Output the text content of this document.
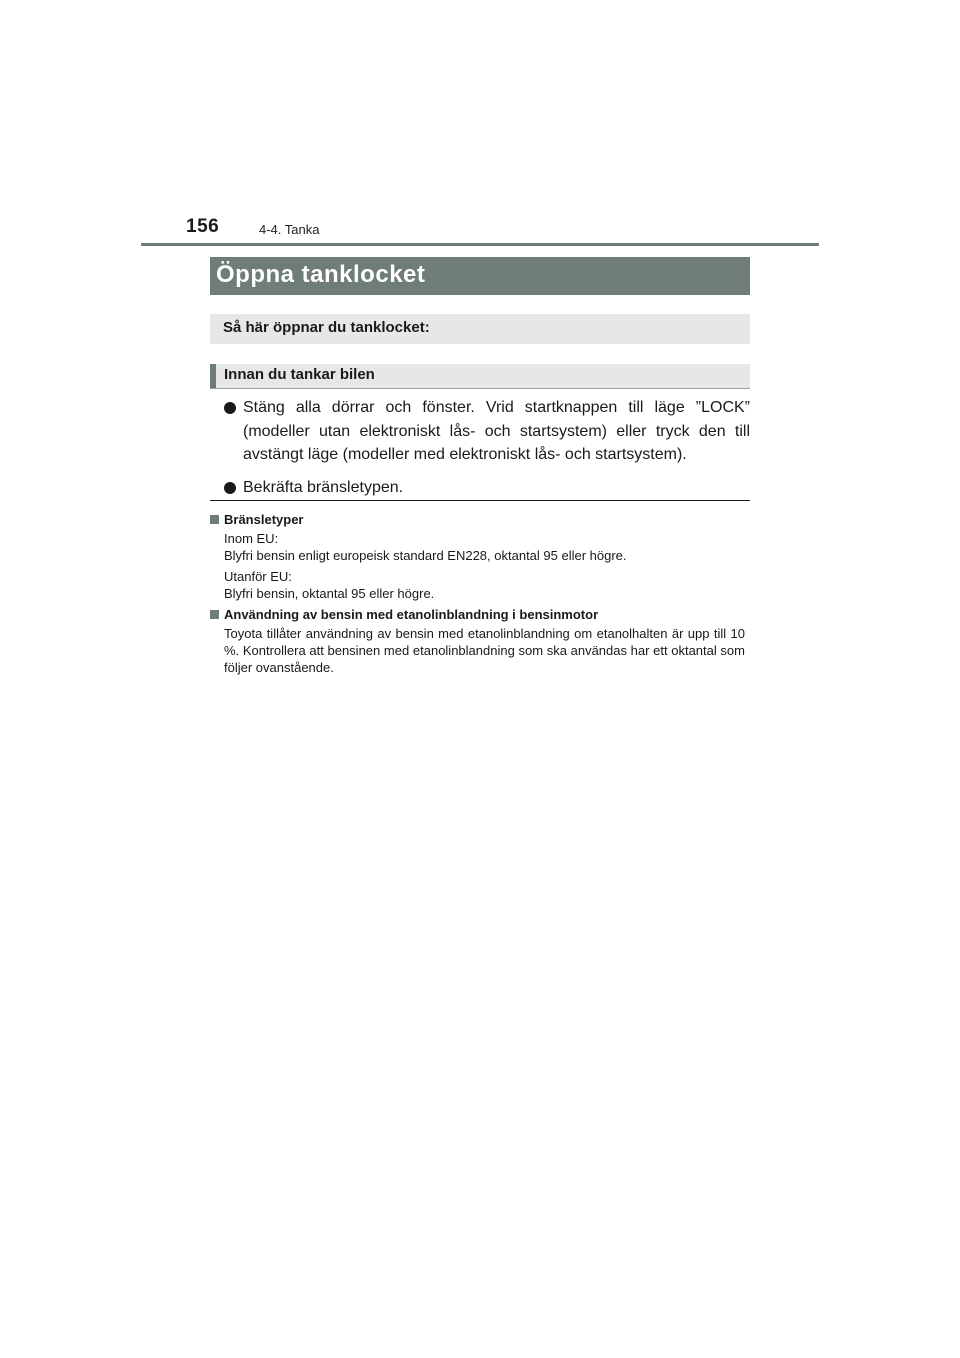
156	4-4. Tanka
Öppna tanklocket
Så här öppnar du tanklocket:
Innan du tankar bilen
Stäng alla dörrar och fönster. Vrid startknappen till läge ”LOCK” (modeller utan elektroniskt lås- och startsystem) eller tryck den till avstängt läge (modeller med elektroniskt lås- och startsystem).
Bekräfta bränsletypen.
Bränsletyper

Inom EU:
Blyfri bensin enligt europeisk standard EN228, oktantal 95 eller högre.

Utanför EU:
Blyfri bensin, oktantal 95 eller högre.

Användning av bensin med etanolinblandning i bensinmotor

Toyota tillåter användning av bensin med etanolinblandning om etanolhalten är upp till 10 %. Kontrollera att bensinen med etanolinblandning som ska användas har ett oktantal som följer ovanstående.
